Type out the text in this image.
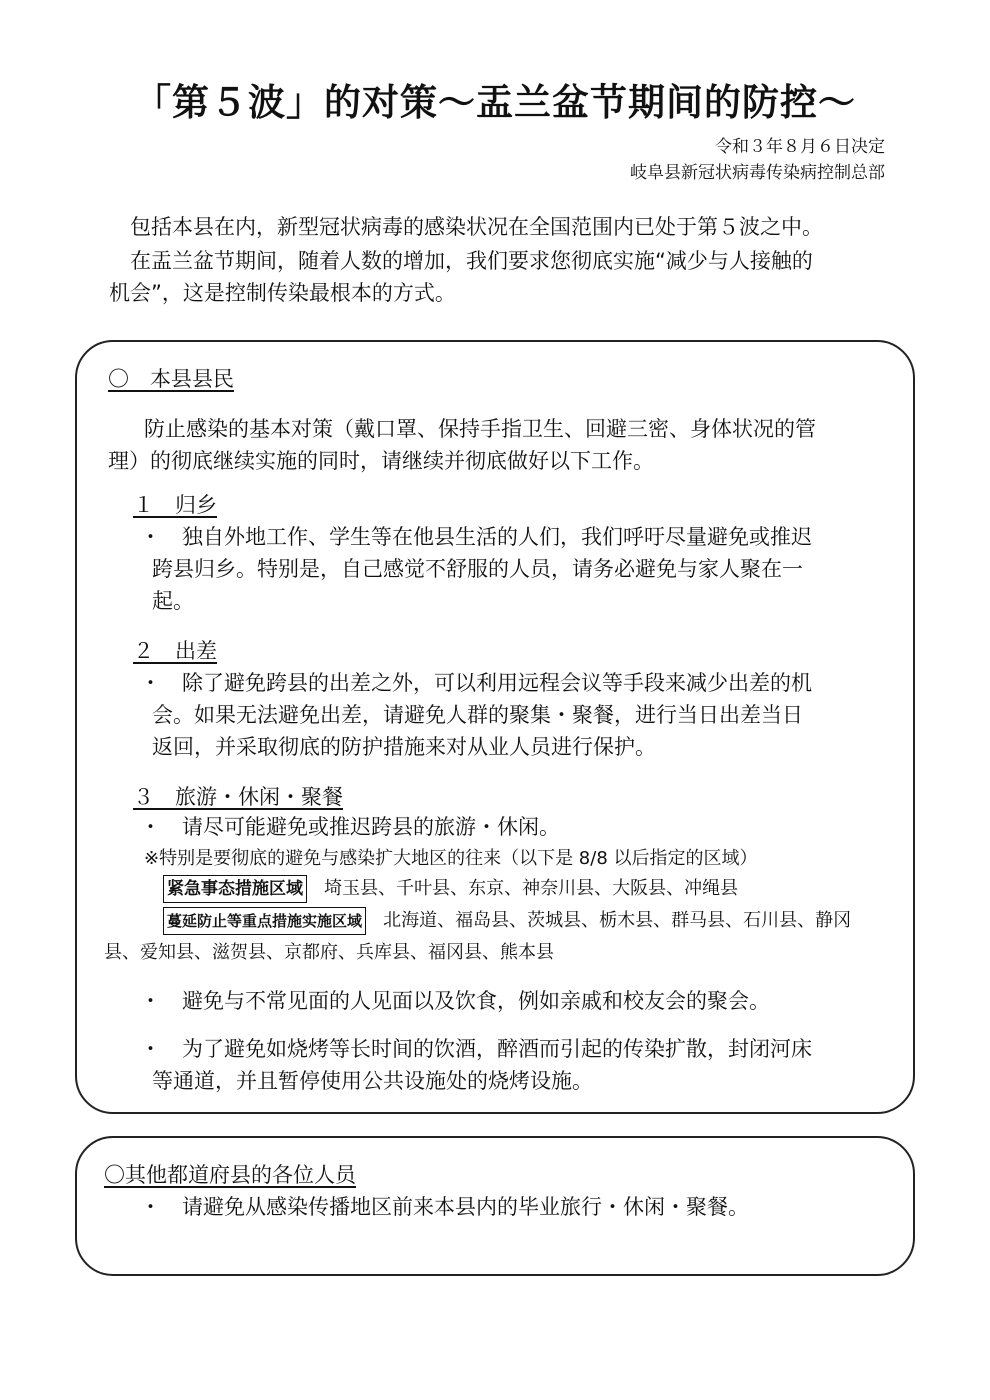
「第５波」的对策〜盂兰盆节期间的防控〜
令和３年８月６日决定
岐阜县新冠状病毒传染病控制总部
包括本县在内，新型冠状病毒的感染状况在全国范围内已处于第５波之中。
在盂兰盆节期间，随着人数的增加，我们要求您彻底实施“减少与人接触的
机会”，这是控制传染最根本的方式。
〇　本县县民
防止感染的基本对策（戴口罩、保持手指卫生、回避三密、身体状况的管
理）的彻底继续实施的同时，请继续并彻底做好以下工作。
１　归乡
・　独自外地工作、学生等在他县生活的人们，我们呼吁尽量避免或推迟
跨县归乡。特别是，自己感觉不舒服的人员，请务必避免与家人聚在一
起。
２　出差
・　除了避免跨县的出差之外，可以利用远程会议等手段来减少出差的机
会。如果无法避免出差，请避免人群的聚集・聚餐，进行当日出差当日
返回，并采取彻底的防护措施来对从业人员进行保护。
３　旅游・休闲・聚餐
・　请尽可能避免或推迟跨县的旅游・休闲。
※特别是要彻底的避免与感染扩大地区的往来（以下是 8/8 以后指定的区域）
紧急事态措施区域 埼玉县、千叶县、东京、神奈川县、大阪县、冲绳县
蔓延防止等重点措施实施区域 北海道、福岛县、茨城县、栃木县、群马县、石川县、静冈
县、爱知县、滋贺县、京都府、兵库县、福冈县、熊本县
・　避免与不常见面的人见面以及饮食，例如亲戚和校友会的聚会。
・　为了避免如烧烤等长时间的饮酒，醉酒而引起的传染扩散，封闭河床
等通道，并且暂停使用公共设施处的烧烤设施。
〇其他都道府县的各位人员
・　请避免从感染传播地区前来本县内的毕业旅行・休闲・聚餐。
